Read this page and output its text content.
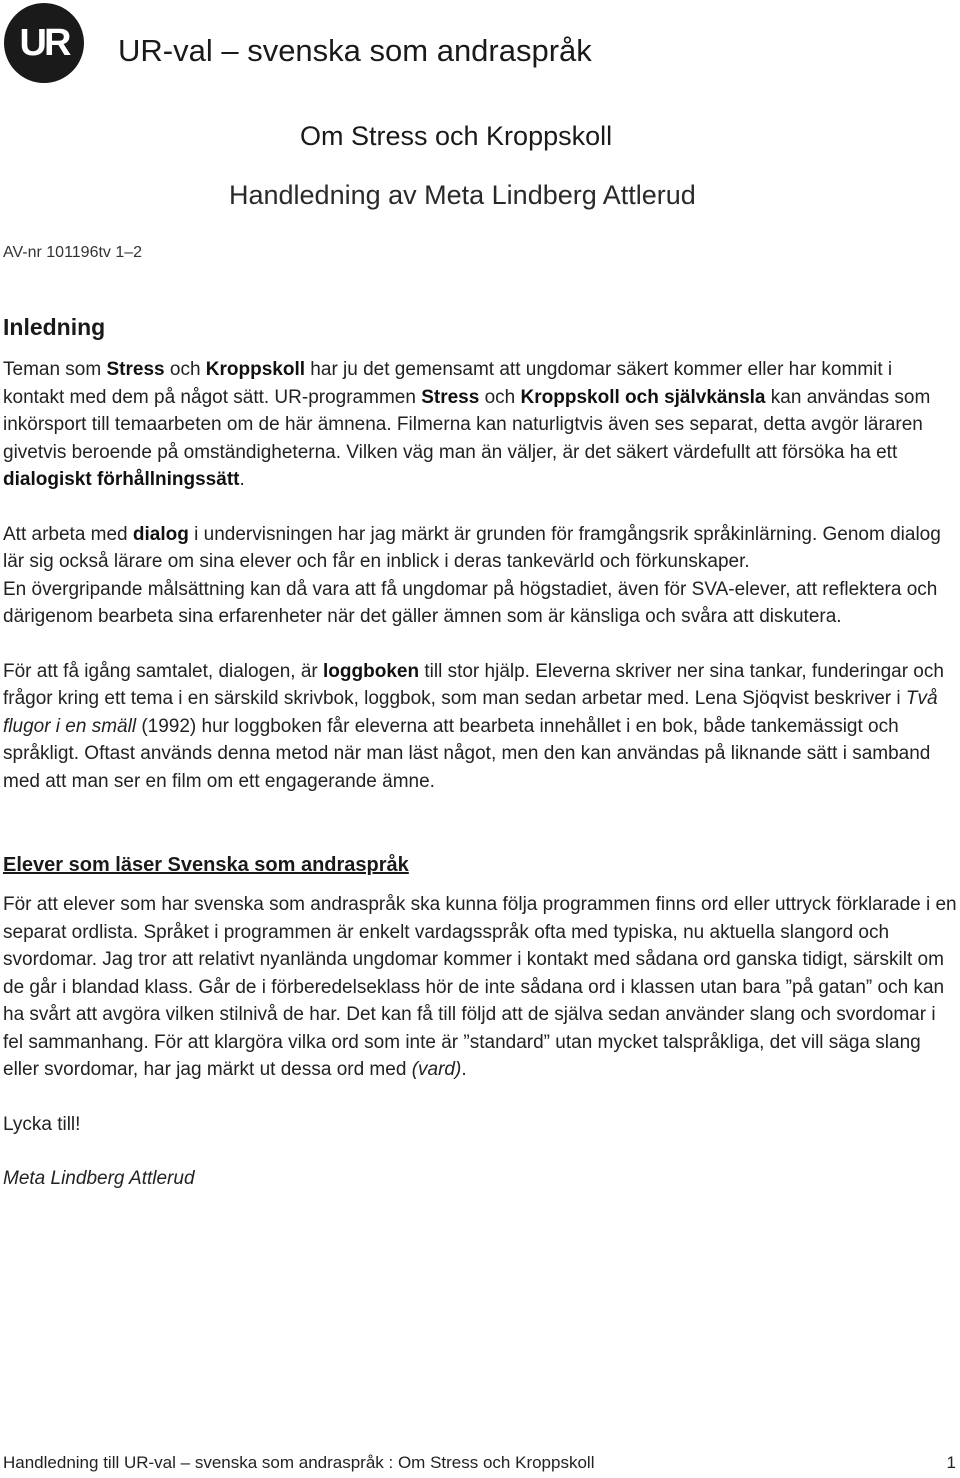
UR	UR-val – svenska som andraspråk
Om Stress och Kroppskoll
Handledning av Meta Lindberg Attlerud
AV-nr 101196tv 1–2
Inledning

Teman som Stress och Kroppskoll har ju det gemensamt att ungdomar säkert kommer eller har kommit i kontakt med dem på något sätt. UR-programmen Stress och Kroppskoll och självkänsla kan användas som inkörsport till temaarbeten om de här ämnena. Filmerna kan naturligtvis även ses separat, detta avgör läraren givetvis beroende på omständigheterna. Vilken väg man än väljer, är det säkert värdefullt att försöka ha ett dialogiskt förhållningssätt.

Att arbeta med dialog i undervisningen har jag märkt är grunden för framgångsrik språkinlärning. Genom dialog lär sig också lärare om sina elever och får en inblick i deras tankevärld och förkunskaper.

En övergripande målsättning kan då vara att få ungdomar på högstadiet, även för SVA-elever, att reflektera och därigenom bearbeta sina erfarenheter när det gäller ämnen som är känsliga och svåra att diskutera.

För att få igång samtalet, dialogen, är loggboken till stor hjälp. Eleverna skriver ner sina tankar, funderingar och frågor kring ett tema i en särskild skrivbok, loggbok, som man sedan arbetar med. Lena Sjöqvist beskriver i Två flugor i en smäll (1992) hur loggboken får eleverna att bearbeta innehållet i en bok, både tankemässigt och språkligt. Oftast används denna metod när man läst något, men den kan användas på liknande sätt i samband med att man ser en film om ett engagerande ämne.

Elever som läser Svenska som andraspråk

För att elever som har svenska som andraspråk ska kunna följa programmen finns ord eller uttryck förklarade i en separat ordlista. Språket i programmen är enkelt vardagsspråk ofta med typiska, nu aktuella slangord och svordomar. Jag tror att relativt nyanlända ungdomar kommer i kontakt med sådana ord ganska tidigt, särskilt om de går i blandad klass. Går de i förberedelseklass hör de inte sådana ord i klassen utan bara ”på gatan” och kan ha svårt att avgöra vilken stilnivå de har. Det kan få till följd att de själva sedan använder slang och svordomar i fel sammanhang. För att klargöra vilka ord som inte är ”standard” utan mycket talspråkliga, det vill säga slang eller svordomar, har jag märkt ut dessa ord med (vard).

Lycka till!

Meta Lindberg Attlerud

Handledning till UR-val – svenska som andraspråk : Om Stress och Kroppskoll	1
